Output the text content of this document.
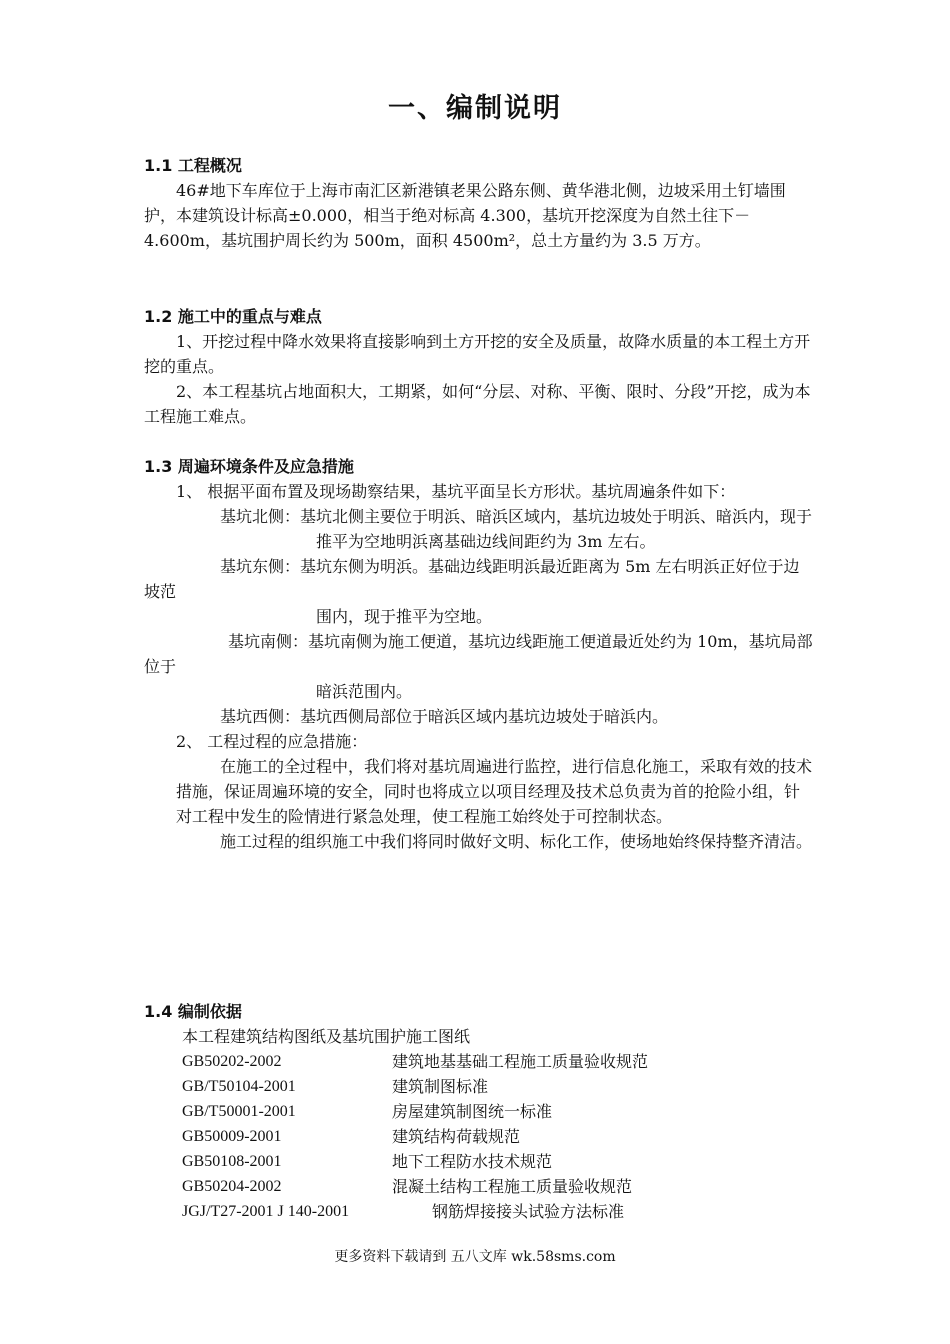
一、编制说明
1.1 工程概况

46#地下车库位于上海市南汇区新港镇老果公路东侧、黄华港北侧，边坡采用土钉墙围护，本建筑设计标高±0.000，相当于绝对标高 4.300，基坑开挖深度为自然土往下－4.600m，基坑围护周长约为 500m，面积 4500m²，总土方量约为 3.5 万方。

1.2 施工中的重点与难点

1、开挖过程中降水效果将直接影响到土方开挖的安全及质量，故降水质量的本工程土方开挖的重点。

2、本工程基坑占地面积大，工期紧，如何“分层、对称、平衡、限时、分段”开挖，成为本工程施工难点。

1.3 周遍环境条件及应急措施

1、 根据平面布置及现场勘察结果，基坑平面呈长方形状。基坑周遍条件如下：

基坑北侧：基坑北侧主要位于明浜、暗浜区域内，基坑边坡处于明浜、暗浜内，现于

推平为空地明浜离基础边线间距约为 3m 左右。

基坑东侧：基坑东侧为明浜。基础边线距明浜最近距离为 5m 左右明浜正好位于边坡范

围内，现于推平为空地。

基坑南侧：基坑南侧为施工便道，基坑边线距施工便道最近处约为 10m，基坑局部位于

暗浜范围内。

基坑西侧：基坑西侧局部位于暗浜区域内基坑边坡处于暗浜内。

2、 工程过程的应急措施：

在施工的全过程中，我们将对基坑周遍进行监控，进行信息化施工，采取有效的技术

措施，保证周遍环境的安全，同时也将成立以项目经理及技术总负责为首的抢险小组，针

对工程中发生的险情进行紧急处理，使工程施工始终处于可控制状态。

施工过程的组织施工中我们将同时做好文明、标化工作，使场地始终保持整齐清洁。

1.4 编制依据

本工程建筑结构图纸及基坑围护施工图纸

GB50202-2002	建筑地基基础工程施工质量验收规范
GB/T50104-2001	建筑制图标准
GB/T50001-2001	房屋建筑制图统一标准
GB50009-2001	建筑结构荷载规范
GB50108-2001	地下工程防水技术规范
GB50204-2002	混凝土结构工程施工质量验收规范
JGJ/T27-2001 J 140-2001	钢筋焊接接头试验方法标准
更多资料下载请到 五八文库 wk.58sms.com
